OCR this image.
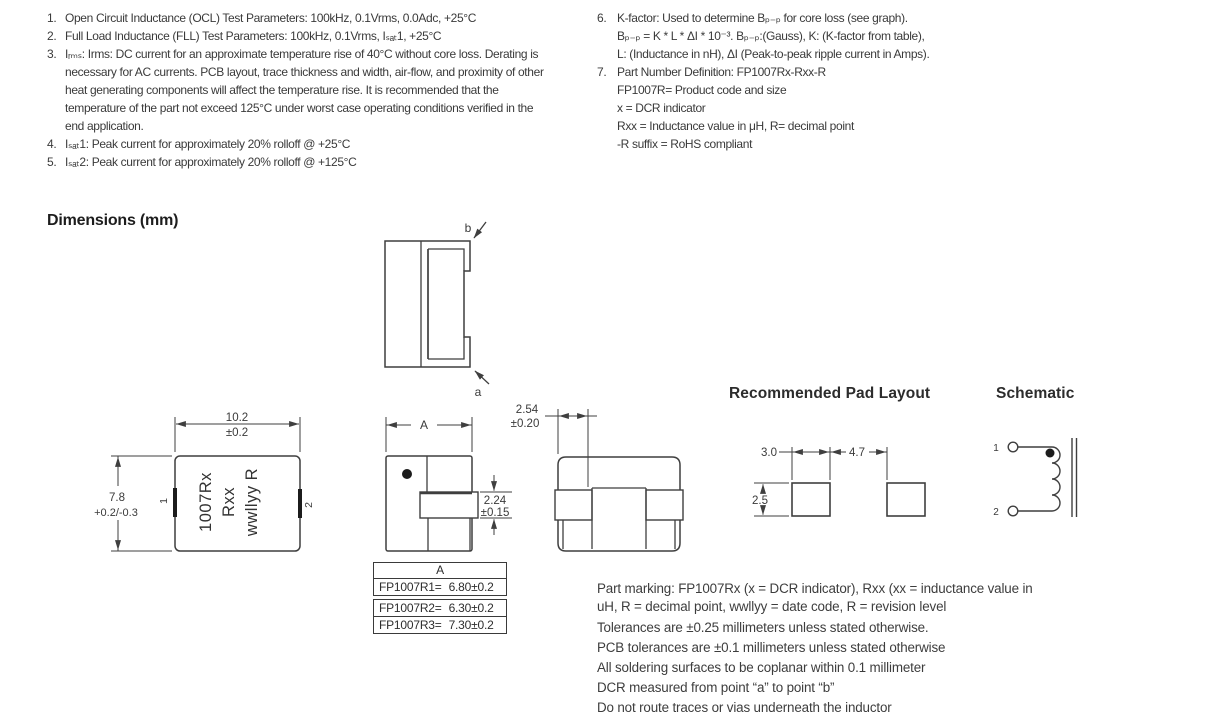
b
a
1007Rx Rxx wwllyy R
1
2
10.2
±0.2
7.8
+0.2/-0.3
A
2.24
±0.15
2.54
±0.20
3.0	4.7
2.5
1
2
1. Open Circuit Inductance (OCL) Test Parameters: 100kHz, 0.1Vrms, 0.0Adc, +25°C
2. Full Load Inductance (FLL) Test Parameters: 100kHz, 0.1Vrms, Iₛₐₜ1, +25°C
3. Iᵣₘₛ: Irms: DC current for an approximate temperature rise of 40°C without core loss. Derating is
necessary for AC currents. PCB layout, trace thickness and width, air-flow, and proximity of other
heat generating components will affect the temperature rise. It is recommended that the
temperature of the part not exceed 125°C under worst case operating conditions verified in the
end application.
4. Iₛₐₜ1: Peak current for approximately 20% rolloff @ +25°C
5. Iₛₐₜ2: Peak current for approximately 20% rolloff @ +125°C
6. K-factor: Used to determine Bₚ₋ₚ for core loss (see graph).
Bₚ₋ₚ = K * L * ΔI * 10⁻³. Bₚ₋ₚ:(Gauss), K: (K-factor from table),
L: (Inductance in nH), ΔI (Peak-to-peak ripple current in Amps).
7. Part Number Definition: FP1007Rx-Rxx-R
FP1007R= Product code and size
x = DCR indicator
Rxx = Inductance value in μH, R= decimal point
-R suffix = RoHS compliant
Dimensions (mm)
Recommended Pad Layout	Schematic
A
FP1007R1= 6.80±0.2
FP1007R2= 6.30±0.2
FP1007R3= 7.30±0.2
Part marking: FP1007Rx (x = DCR indicator), Rxx (xx = inductance value in
uH, R = decimal point, wwllyy = date code, R = revision level
Tolerances are ±0.25 millimeters unless stated otherwise.
PCB tolerances are ±0.1 millimeters unless stated otherwise
All soldering surfaces to be coplanar within 0.1 millimeter
DCR measured from point “a” to point “b”
Do not route traces or vias underneath the inductor
